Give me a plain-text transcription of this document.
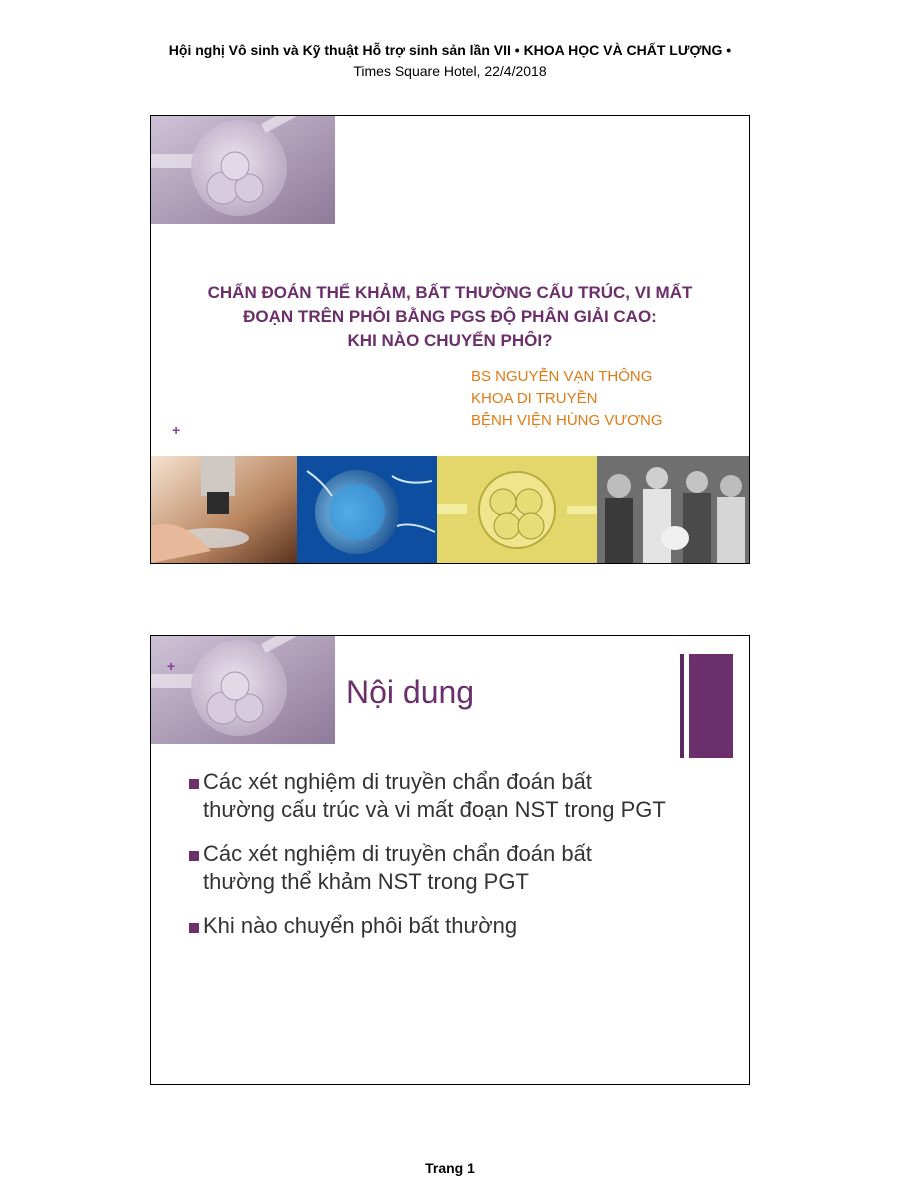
Hội nghị Vô sinh và Kỹ thuật Hỗ trợ sinh sản lần VII • KHOA HỌC VÀ CHẤT LƯỢNG •
Times Square Hotel, 22/4/2018
CHẨN ĐOÁN THỂ KHẢM, BẤT THƯỜNG CẤU TRÚC, VI MẤT
ĐOẠN TRÊN PHÔI BẰNG PGS ĐỘ PHÂN GIẢI CAO:
KHI NÀO CHUYỂN PHÔI?
BS NGUYỄN VẠN THÔNG
KHOA DI TRUYỀN
BỆNH VIỆN HÙNG VƯƠNG
+
+
Nội dung
Các xét nghiệm di truyền chẩn đoán bất thường cấu trúc và vi mất đoạn NST trong PGT
Các xét nghiệm di truyền chẩn đoán bất thường thể khảm NST trong PGT
Khi nào chuyển phôi bất thường
Trang 1
